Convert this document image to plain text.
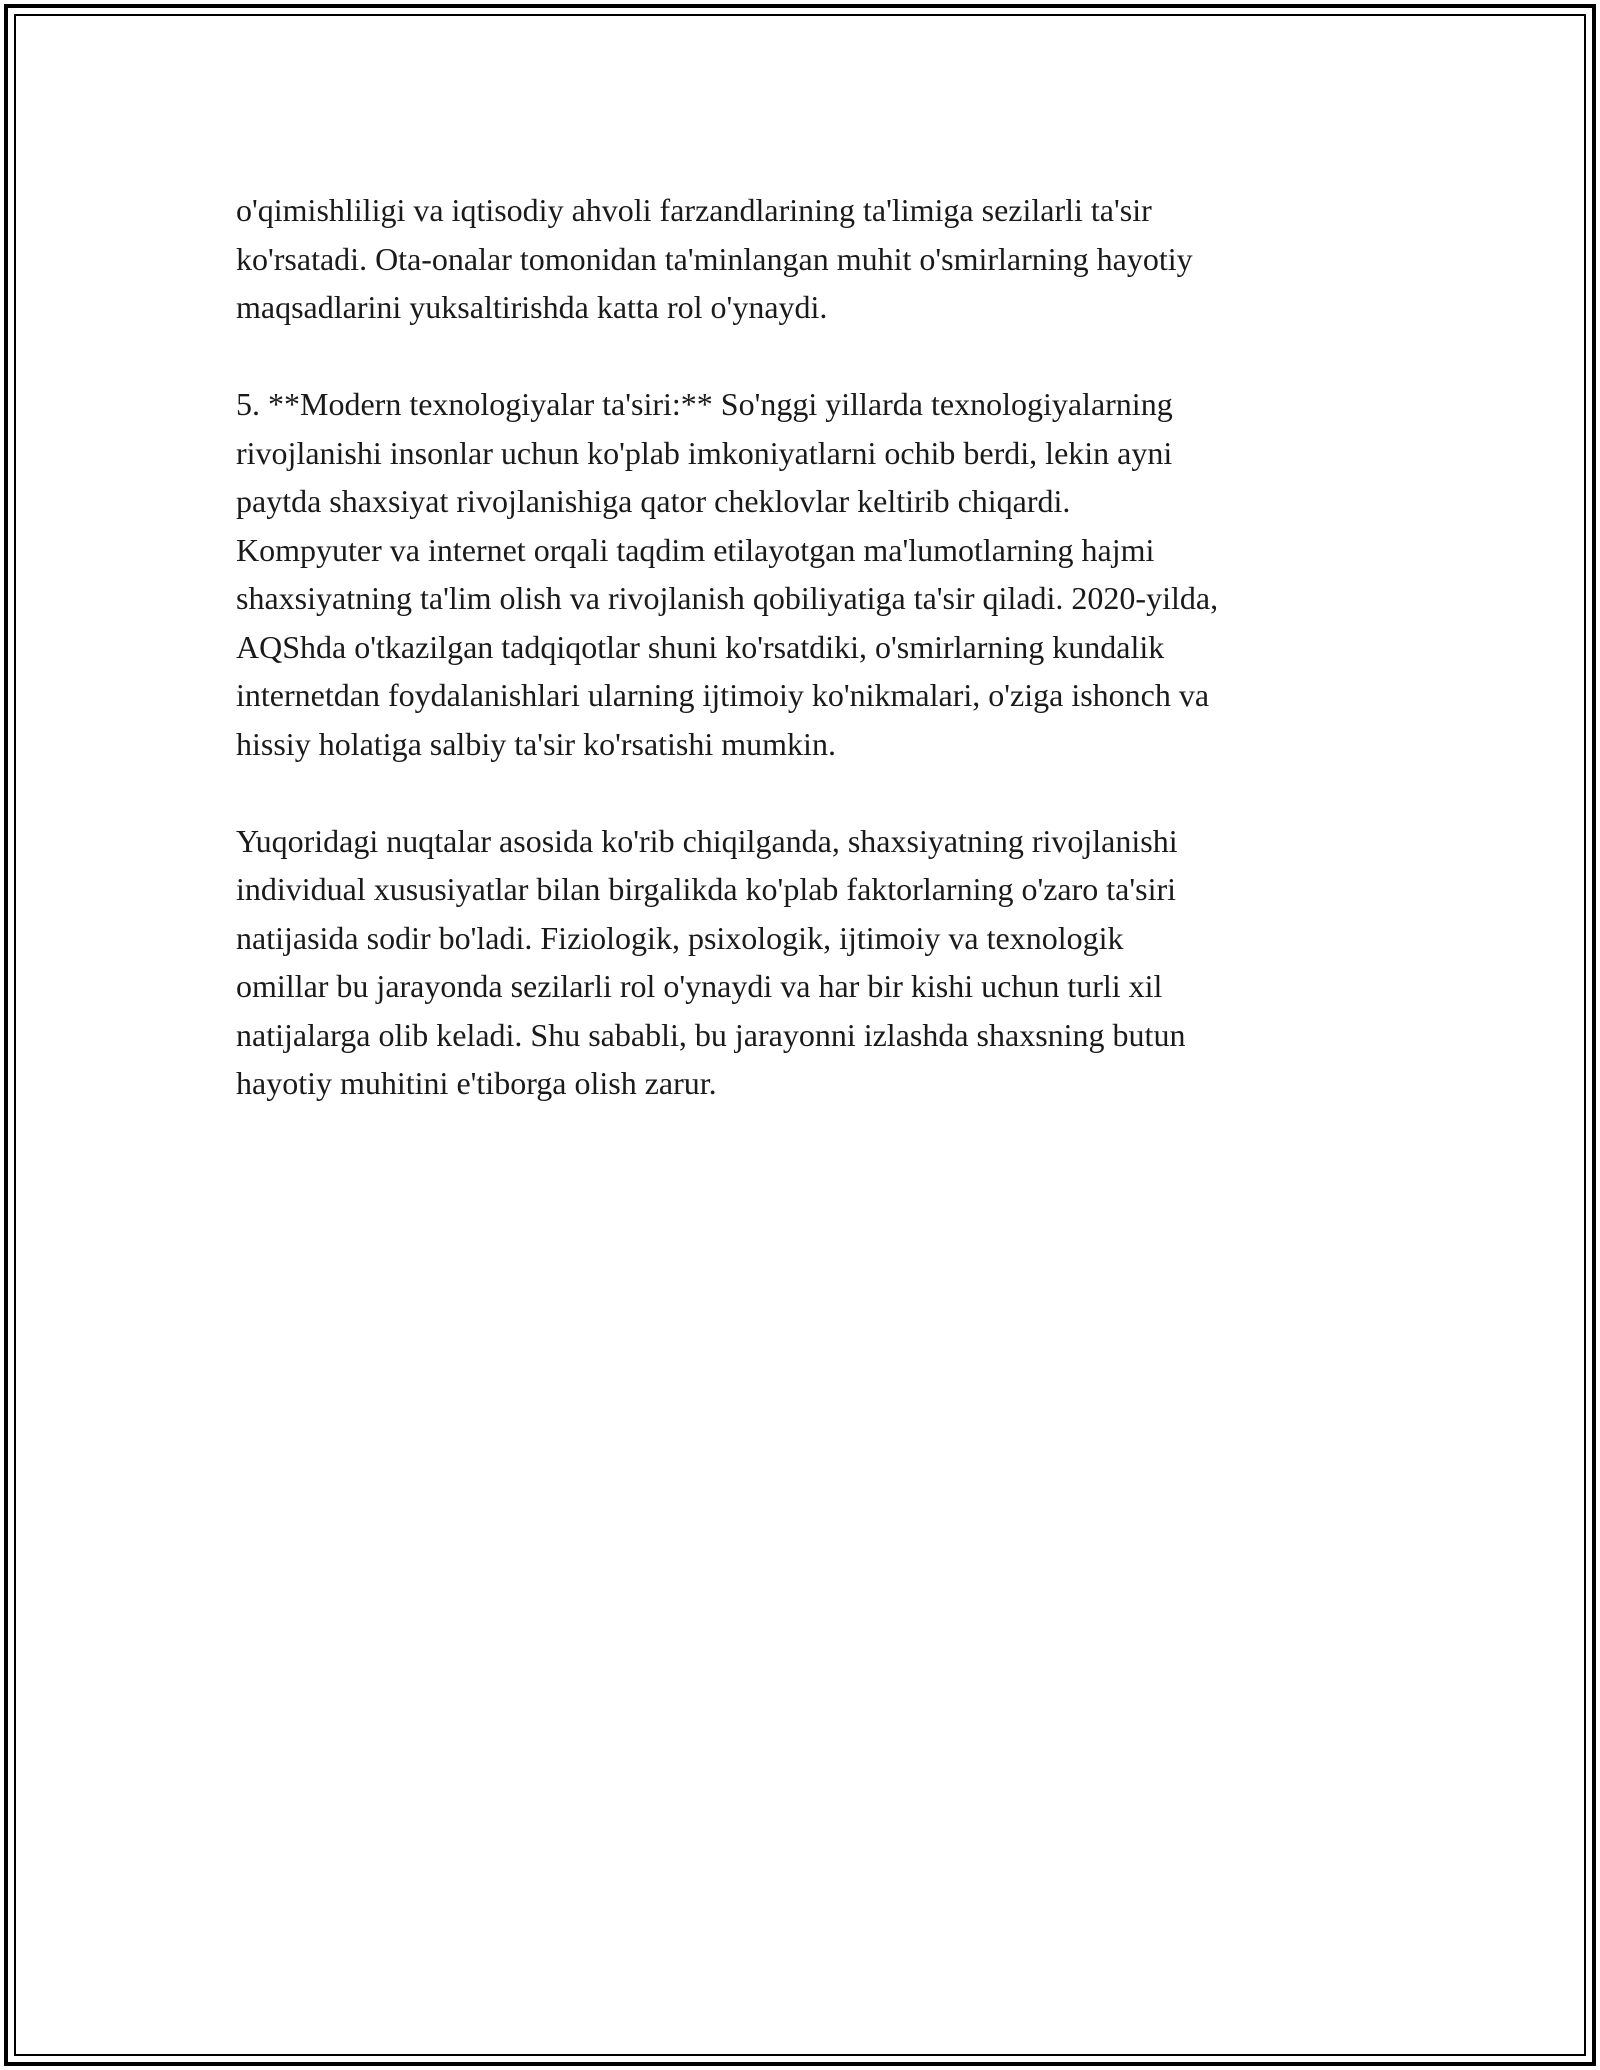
o'qimishliligi va iqtisodiy ahvoli farzandlarining ta'limiga sezilarli ta'sir
ko'rsatadi. Ota-onalar tomonidan ta'minlangan muhit o'smirlarning hayotiy
maqsadlarini yuksaltirishda katta rol o'ynaydi.

5. **Modern texnologiyalar ta'siri:** So'nggi yillarda texnologiyalarning
rivojlanishi insonlar uchun ko'plab imkoniyatlarni ochib berdi, lekin ayni
paytda shaxsiyat rivojlanishiga qator cheklovlar keltirib chiqardi.
Kompyuter va internet orqali taqdim etilayotgan ma'lumotlarning hajmi
shaxsiyatning ta'lim olish va rivojlanish qobiliyatiga ta'sir qiladi. 2020-yilda,
AQShda o'tkazilgan tadqiqotlar shuni ko'rsatdiki, o'smirlarning kundalik
internetdan foydalanishlari ularning ijtimoiy ko'nikmalari, o'ziga ishonch va
hissiy holatiga salbiy ta'sir ko'rsatishi mumkin.

Yuqoridagi nuqtalar asosida ko'rib chiqilganda, shaxsiyatning rivojlanishi
individual xususiyatlar bilan birgalikda ko'plab faktorlarning o'zaro ta'siri
natijasida sodir bo'ladi. Fiziologik, psixologik, ijtimoiy va texnologik
omillar bu jarayonda sezilarli rol o'ynaydi va har bir kishi uchun turli xil
natijalarga olib keladi. Shu sababli, bu jarayonni izlashda shaxsning butun
hayotiy muhitini e'tiborga olish zarur.
